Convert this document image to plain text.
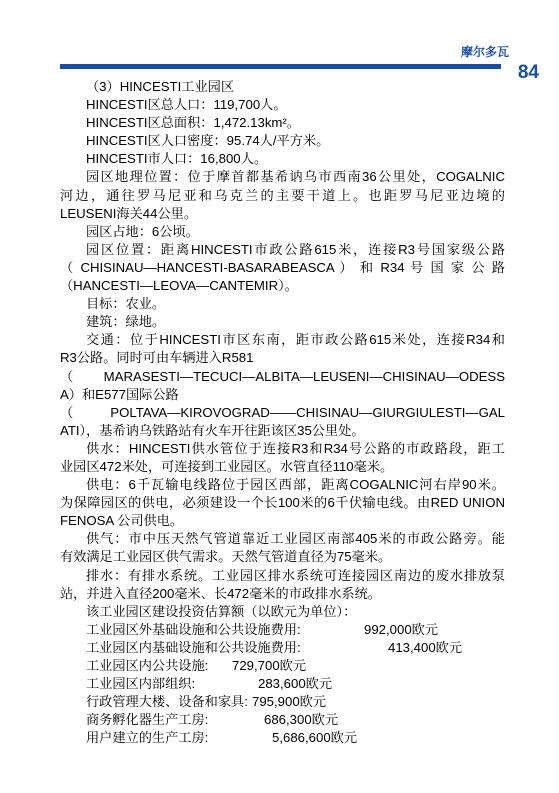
摩尔多瓦
84
（3）HINCESTI工业园区
HINCESTI区总人口：119,700人。
HINCESTI区总面积：1,472.13km²。
HINCESTI区人口密度：95.74人/平方米。
HINCESTI市人口：16,800人。
园区地理位置：位于摩首都基希讷乌市西南36公里处，COGALNIC
河边，通往罗马尼亚和乌克兰的主要干道上。也距罗马尼亚边境的
LEUSENI海关44公里。
园区占地：6公顷。
园区位置：距离HINCESTI市政公路615米，连接R3号国家级公路
（ CHISINAU—HANCESTI-BASARABEASCA ） 和 R34 号 国 家 公 路
（HANCESTI—LEOVA—CANTEMIR）。
目标：农业。
建筑：绿地。
交通：位于HINCESTI市区东南，距市政公路615米处，连接R34和
R3公路。同时可由车辆进入R581
（MARASESTI—TECUCI—ALBITA—LEUSENI—CHISINAU—ODESS
A）和E577国际公路
（POLTAVA—KIROVOGRAD——CHISINAU—GIURGIULESTI—GAL
ATI），基希讷乌铁路站有火车开往距该区35公里处。
供水：HINCESTI供水管位于连接R3和R34号公路的市政路段，距工
业园区472米处，可连接到工业园区。水管直径110毫米。
供电：6千瓦输电线路位于园区西部，距离COGALNIC河右岸90米。
为保障园区的供电，必须建设一个长100米的6千伏输电线。由RED UNION
FENOSA 公司供电。
供气：市中压天然气管道靠近工业园区南部405米的市政公路旁。能
有效满足工业园区供气需求。天然气管道直径为75毫米。
排水：有排水系统。工业园区排水系统可连接园区南边的废水排放泵
站，并进入直径200毫米、长472毫米的市政排水系统。
该工业园区建设投资估算额（以欧元为单位）：
工业园区外基础设施和公共设施费用:	992,000欧元
工业园区内基础设施和公共设施费用:	413,400欧元
工业园区内公共设施:	729,700欧元
工业园区内部组织:	283,600欧元
行政管理大楼、设备和家具: 795,900欧元
商务孵化器生产工房:	686,300欧元
用户建立的生产工房:	5,686,600欧元
